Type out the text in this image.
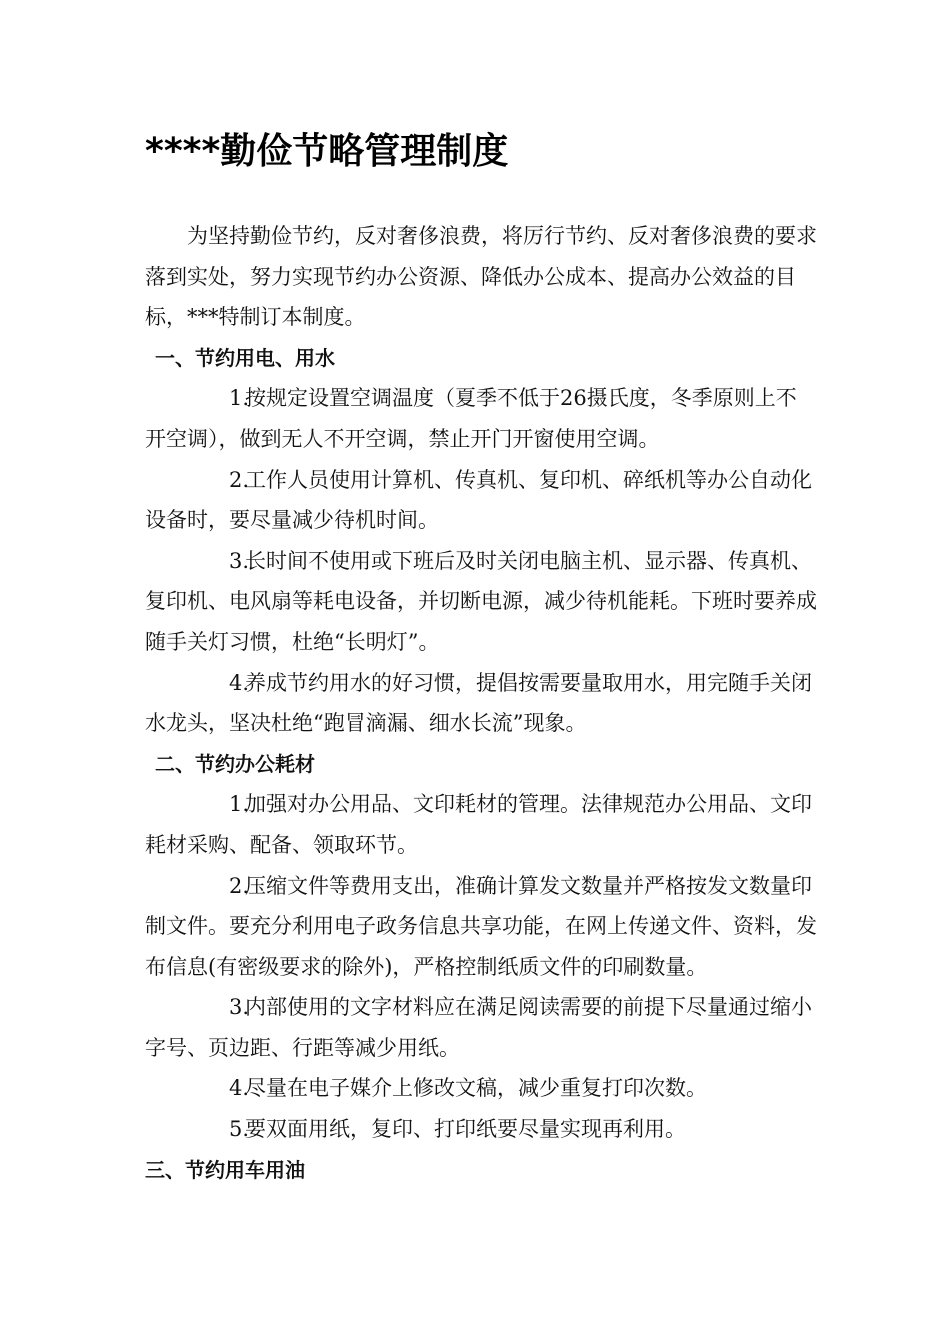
****勤俭节略管理制度

为坚持勤俭节约，反对奢侈浪费，将厉行节约、反对奢侈浪费的要求落到实处，努力实现节约办公资源、降低办公成本、提高办公效益的目标，***特制订本制度。

一、节约用电、用水

1.按规定设置空调温度（夏季不低于26摄氏度，冬季原则上不开空调），做到无人不开空调，禁止开门开窗使用空调。

2.工作人员使用计算机、传真机、复印机、碎纸机等办公自动化设备时，要尽量减少待机时间。

3.长时间不使用或下班后及时关闭电脑主机、显示器、传真机、复印机、电风扇等耗电设备，并切断电源，减少待机能耗。下班时要养成随手关灯习惯，杜绝“长明灯”。

4.养成节约用水的好习惯，提倡按需要量取用水，用完随手关闭水龙头，坚决杜绝“跑冒滴漏、细水长流”现象。

二、节约办公耗材

1.加强对办公用品、文印耗材的管理。法律规范办公用品、文印耗材采购、配备、领取环节。

2.压缩文件等费用支出，准确计算发文数量并严格按发文数量印制文件。要充分利用电子政务信息共享功能，在网上传递文件、资料，发布信息(有密级要求的除外)，严格控制纸质文件的印刷数量。

3.内部使用的文字材料应在满足阅读需要的前提下尽量通过缩小字号、页边距、行距等减少用纸。

4.尽量在电子媒介上修改文稿，减少重复打印次数。

5.要双面用纸，复印、打印纸要尽量实现再利用。

三、节约用车用油
